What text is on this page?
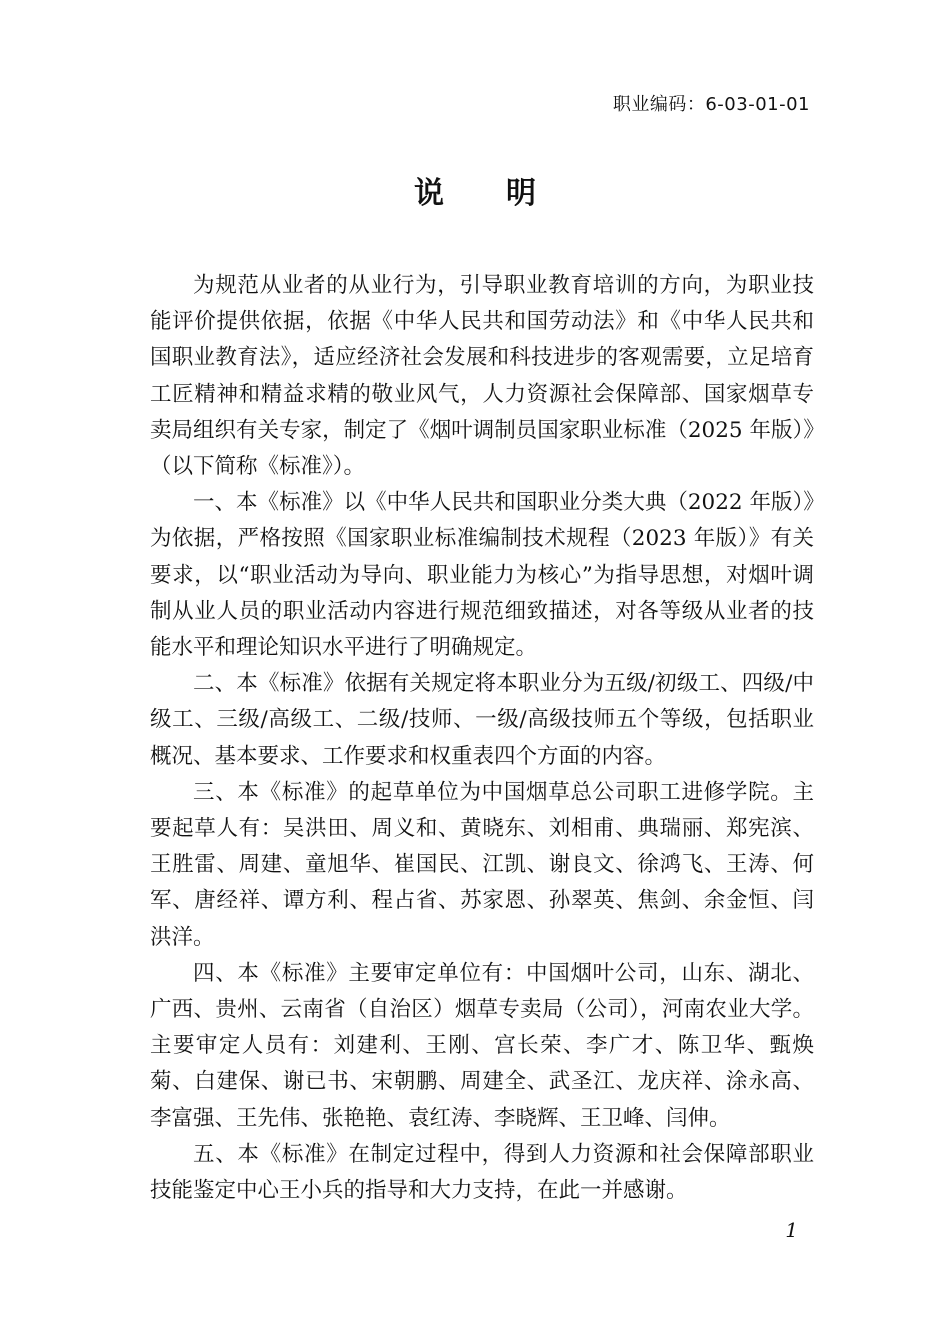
职业编码：6-03-01-01
说明

为规范从业者的从业行为，引导职业教育培训的方向，为职业技能评价提供依据，依据《中华人民共和国劳动法》和《中华人民共和国职业教育法》，适应经济社会发展和科技进步的客观需要，立足培育工匠精神和精益求精的敬业风气，人力资源社会保障部、国家烟草专卖局组织有关专家，制定了《烟叶调制员国家职业标准（2025 年版）》（以下简称《标准》）。

一、本《标准》以《中华人民共和国职业分类大典（2022 年版）》为依据，严格按照《国家职业标准编制技术规程（2023 年版）》有关要求，以“职业活动为导向、职业能力为核心”为指导思想，对烟叶调制从业人员的职业活动内容进行规范细致描述，对各等级从业者的技能水平和理论知识水平进行了明确规定。

二、本《标准》依据有关规定将本职业分为五级/初级工、四级/中级工、三级/高级工、二级/技师、一级/高级技师五个等级，包括职业概况、基本要求、工作要求和权重表四个方面的内容。

三、本《标准》的起草单位为中国烟草总公司职工进修学院。主要起草人有：吴洪田、周义和、黄晓东、刘相甫、典瑞丽、郑宪滨、王胜雷、周建、童旭华、崔国民、江凯、谢良文、徐鸿飞、王涛、何军、唐经祥、谭方利、程占省、苏家恩、孙翠英、焦剑、余金恒、闫洪洋。

四、本《标准》主要审定单位有：中国烟叶公司，山东、湖北、广西、贵州、云南省（自治区）烟草专卖局（公司），河南农业大学。主要审定人员有：刘建利、王刚、宫长荣、李广才、陈卫华、甄焕菊、白建保、谢已书、宋朝鹏、周建全、武圣江、龙庆祥、涂永高、李富强、王先伟、张艳艳、袁红涛、李晓辉、王卫峰、闫伸。

五、本《标准》在制定过程中，得到人力资源和社会保障部职业技能鉴定中心王小兵的指导和大力支持，在此一并感谢。

1
